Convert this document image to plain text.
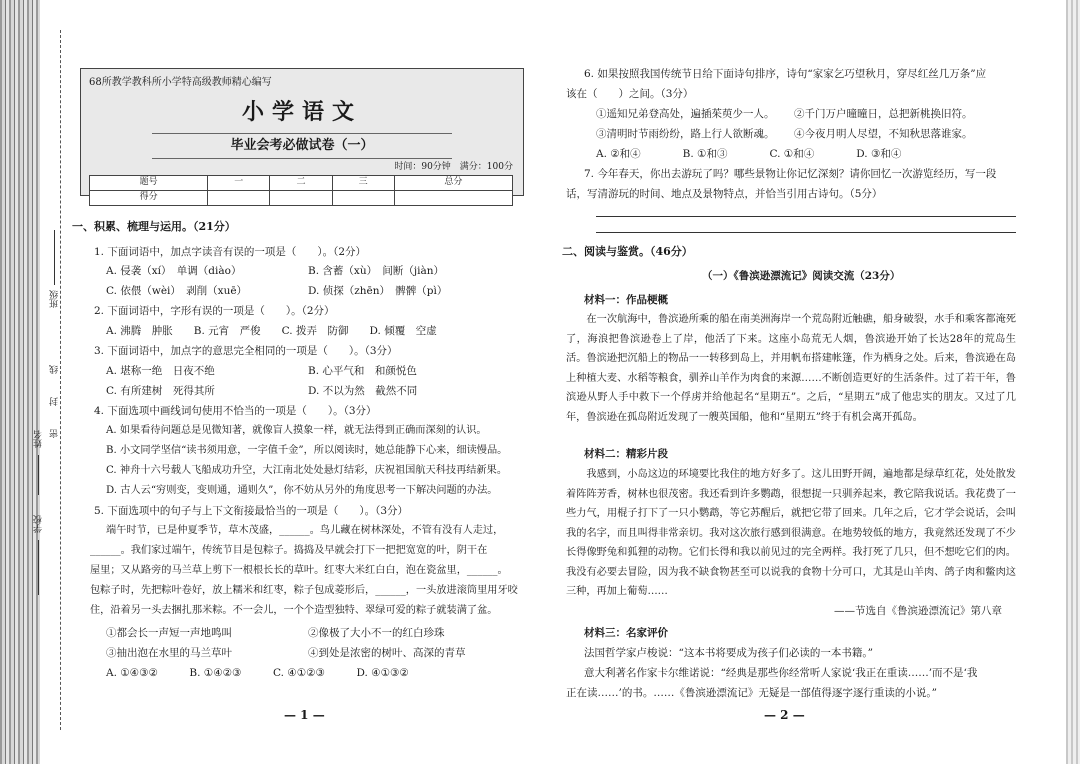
班级
密 封 线
姓名
学校
68所教学教科所小学特高级教师精心编写
小学语文
毕业会考必做试卷（一）
时间：90分钟　满分：100分
题号	一	二	三	总分
得分				
一、积累、梳理与运用。（21分）
1. 下面词语中，加点字读音有误的一项是（　　）。（2分）
A. 侵袭（xí）　单调（diào）	B. 含蓄（xù）　间断（jiàn）
C. 依偎（wèi）　剥削（xuē）	D. 侦探（zhēn）　髀髀（pì）
2. 下面词语中，字形有误的一项是（　　）。（2分）
A. 沸腾　肿胀　　B. 元宵　严俊　　C. 拨弄　防御　　D. 倾覆　空虚
3. 下面词语中，加点字的意思完全相同的一项是（　　）。（3分）
A. 堪称一绝　日夜不绝	B. 心平气和　和颜悦色
C. 有所建树　死得其所	D. 不以为然　截然不同
4. 下面选项中画线词句使用不恰当的一项是（　　）。（3分）
A. 如果看待问题总是见微知著，就像盲人摸象一样，就无法得到正确而深刻的认识。
B. 小文同学坚信“读书须用意，一字值千金”，所以阅读时，她总能静下心来，细读慢品。
C. 神舟十六号载人飞船成功升空，大江南北处处悬灯结彩，庆祝祖国航天科技再结新果。
D. 古人云“穷则变，变则通，通则久”，你不妨从另外的角度思考一下解决问题的办法。
5. 下面选项中的句子与上下文衔接最恰当的一项是（　　）。（3分）
端午时节，已是仲夏季节，草木茂盛，______。鸟儿藏在树林深处，不管有没有人走过，
______。我们家过端午，传统节目是包粽子。捣捣及早就会打下一把把宽宽的叶，阴干在
屋里；又从路旁的马兰草上剪下一根根长长的草叶。红枣大米红白白，泡在瓷盆里，______。
包粽子时，先把粽叶卷好，放上糯米和红枣，粽子包成菱形后，______，一头放进滚筒里用牙咬
住，沿着另一头去捆扎那米粽。不一会儿，一个个造型独特、翠绿可爱的粽子就装满了盆。
①都会长一声短一声地鸣叫	②像极了大小不一的红白珍珠
③抽出泡在水里的马兰草叶	④到处是浓密的树叶、高深的青草
A. ①④③②　　　B. ①④②③　　　C. ④①②③　　　D. ④①③②
— 1 —
6. 如果按照我国传统节日给下面诗句排序，诗句“家家乞巧望秋月，穿尽红丝几万条”应
该在（　　）之间。（3分）
①遥知兄弟登高处，遍插茱萸少一人。 ②千门万户曈曈日，总把新桃换旧符。
③清明时节雨纷纷，路上行人欲断魂。 ④今夜月明人尽望，不知秋思落谁家。
A. ②和④　　　　B. ①和③　　　　C. ①和④　　　　D. ③和④
7. 今年春天，你出去游玩了吗？哪些景物让你记忆深刻？请你回忆一次游览经历，写一段
话，写清游玩的时间、地点及景物特点，并恰当引用古诗句。（5分）
二、阅读与鉴赏。（46分）
（一）《鲁滨逊漂流记》阅读交流（23分）
材料一：作品梗概
在一次航海中，鲁滨逊所乘的船在南美洲海岸一个荒岛附近触礁，船身破裂，水手和乘客都淹死了，海浪把鲁滨逊卷上了岸，他活了下来。这座小岛荒无人烟，鲁滨逊开始了长达28年的荒岛生活。鲁滨逊把沉船上的物品一一转移到岛上，并用帆布搭建帐篷，作为栖身之处。后来，鲁滨逊在岛上种植大麦、水稻等粮食，驯养山羊作为肉食的来源……不断创造更好的生活条件。过了若干年，鲁滨逊从野人手中救下一个俘虏并给他起名“星期五”。之后，“星期五”成了他忠实的朋友。又过了几年，鲁滨逊在孤岛附近发现了一艘英国船，他和“星期五”终于有机会离开孤岛。
材料二：精彩片段
我感到，小岛这边的环境要比我住的地方好多了。这儿田野开阔，遍地都是绿草红花，处处散发着阵阵芳香，树林也很茂密。我还看到许多鹦鹉，很想捉一只驯养起来，教它陪我说话。我花费了一些力气，用棍子打下了一只小鹦鹉，等它苏醒后，就把它带了回来。几年之后，它才学会说话，会叫我的名字，而且叫得非常亲切。我对这次旅行感到很满意。在地势较低的地方，我竟然还发现了不少长得像野兔和狐狸的动物。它们长得和我以前见过的完全两样。我打死了几只，但不想吃它们的肉。我没有必要去冒险，因为我不缺食物甚至可以说我的食物十分可口，尤其是山羊肉、鸽子肉和鳖肉这三种，再加上葡萄……
——节选自《鲁滨逊漂流记》第八章
材料三：名家评价
法国哲学家卢梭说：“这本书将要成为孩子们必读的一本书籍。”
意大利著名作家卡尔维诺说：“经典是那些你经常听人家说‘我正在重读……’而不是‘我
正在读……’的书。……《鲁滨逊漂流记》无疑是一部值得逐字逐行重读的小说。”
— 2 —
